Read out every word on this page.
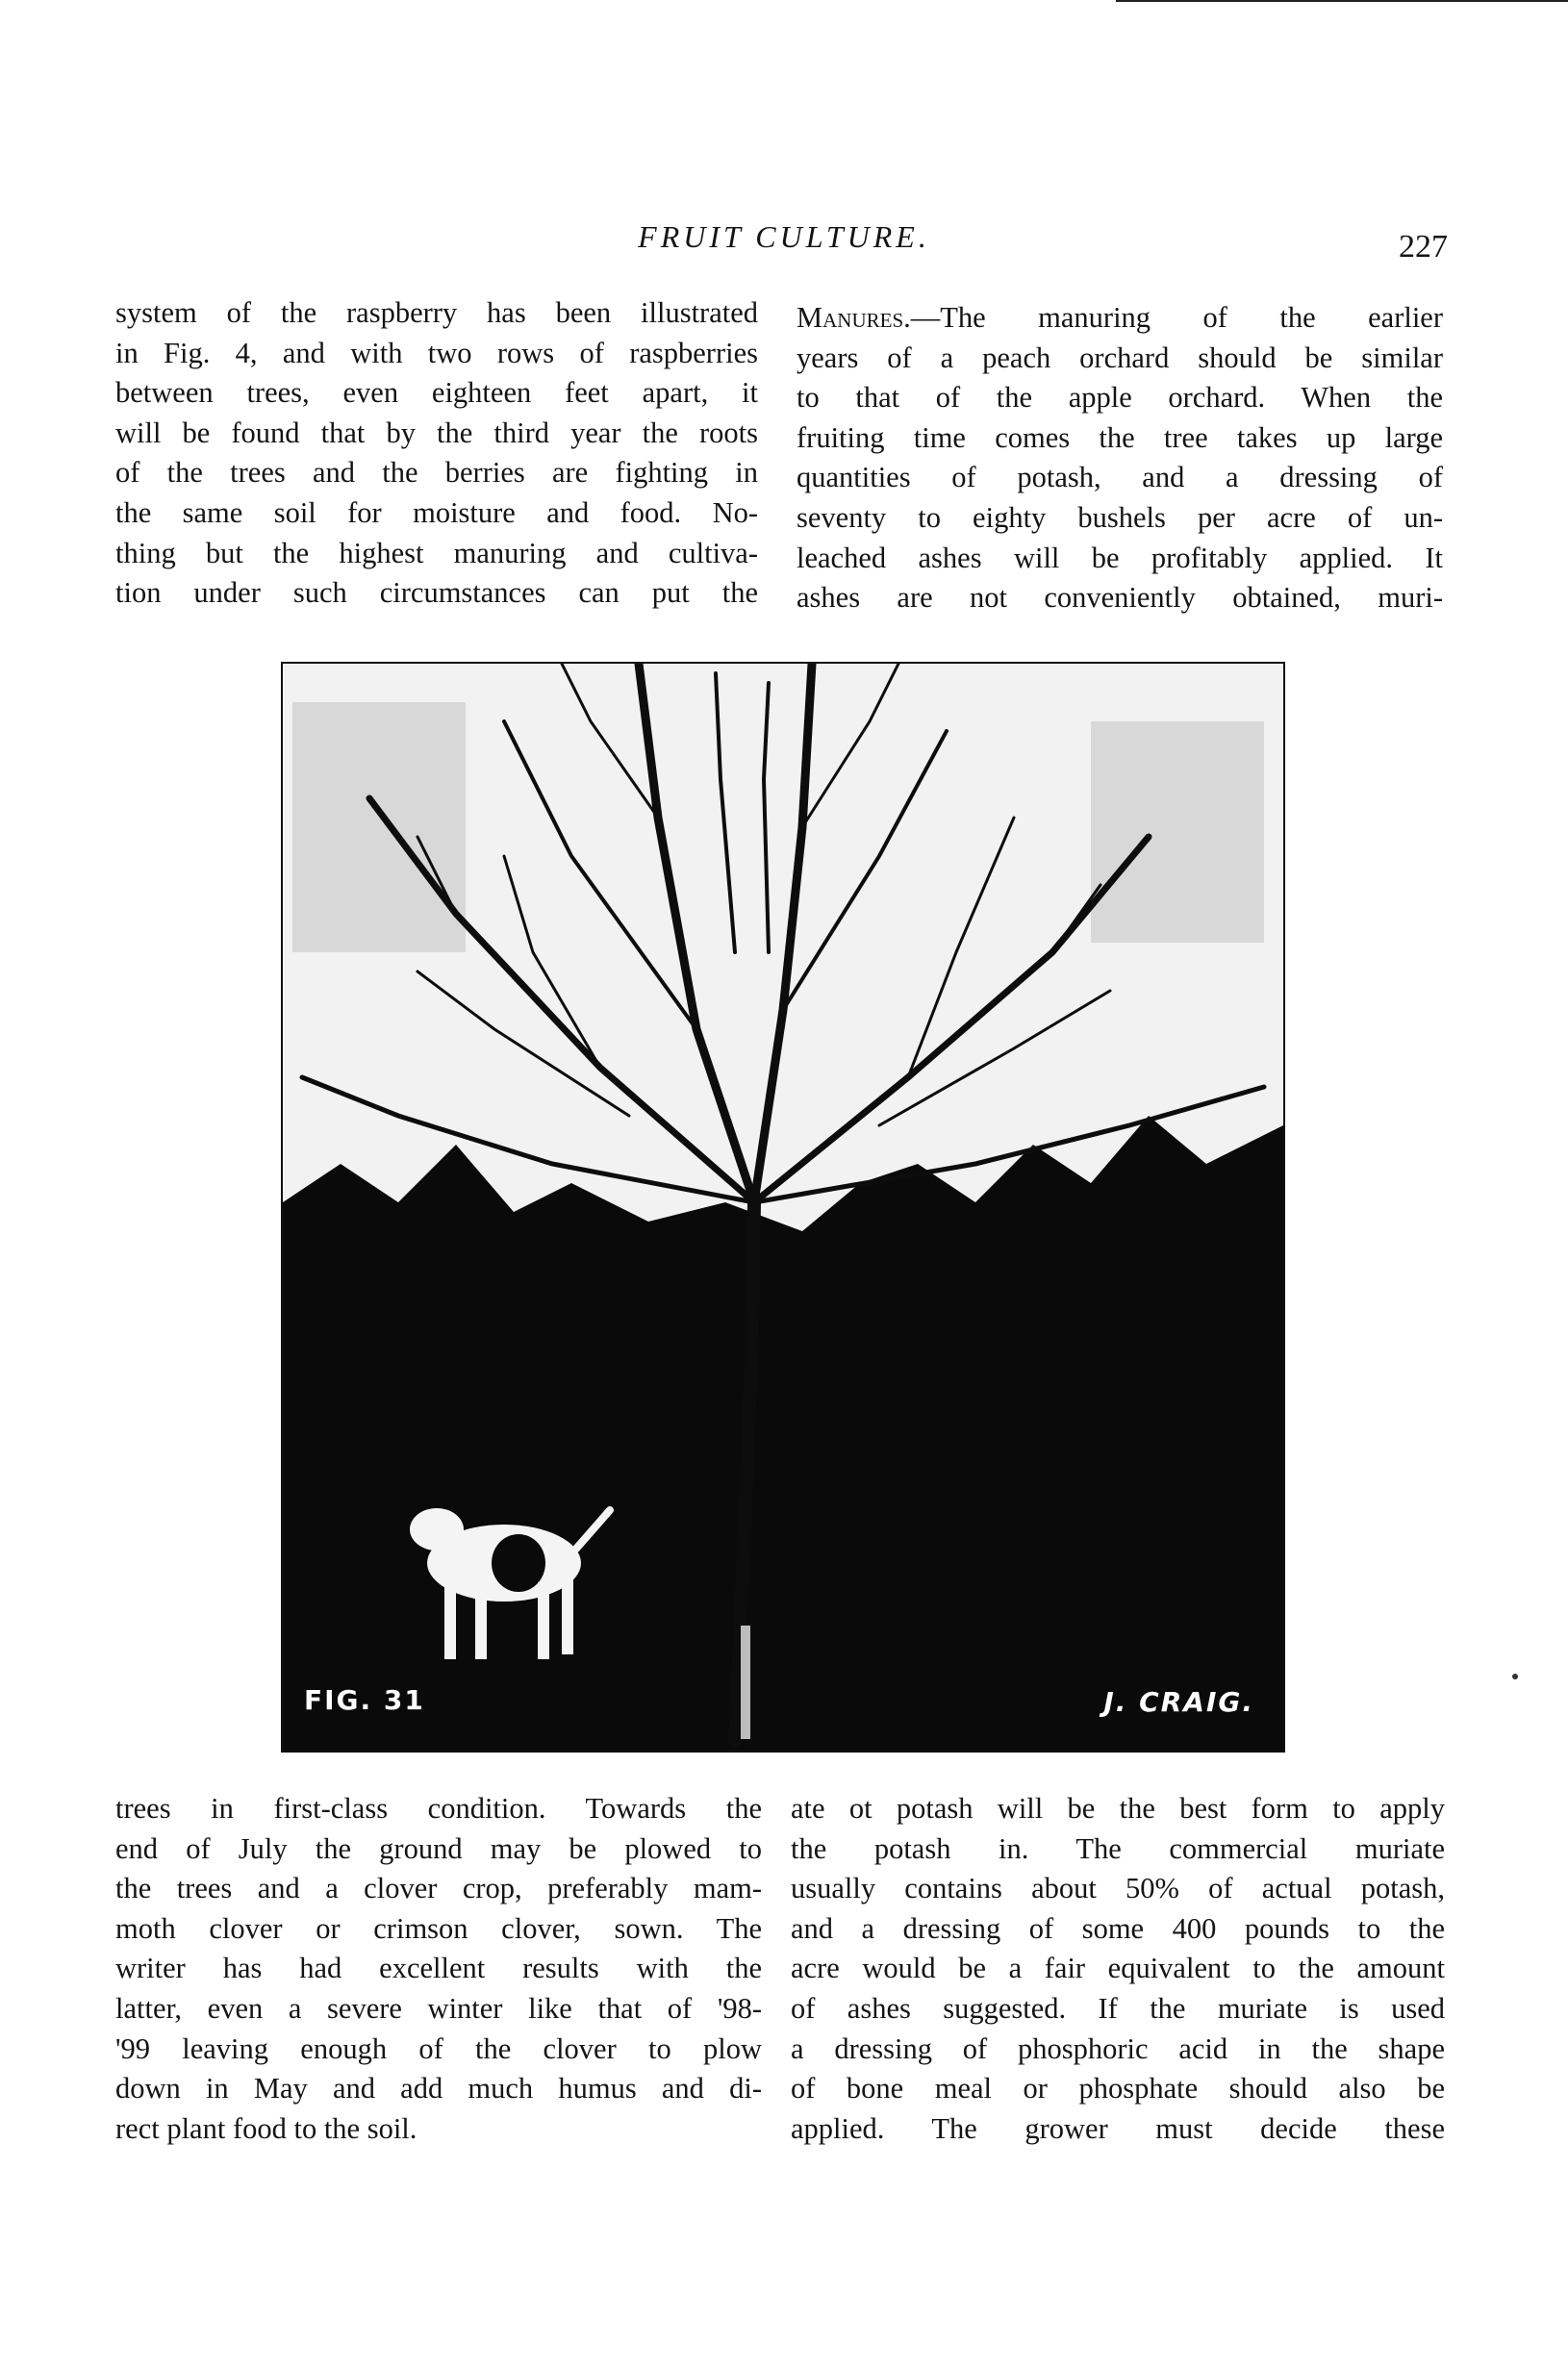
FRUIT CULTURE.	227
system of the raspberry has been illustrated
in Fig. 4, and with two rows of raspberries
between trees, even eighteen feet apart, it
will be found that by the third year the roots
of the trees and the berries are fighting in
the same soil for moisture and food. No-
thing but the highest manuring and cultiva-
tion under such circumstances can put the
Manures.—The manuring of the earlier
years of a peach orchard should be similar
to that of the apple orchard. When the
fruiting time comes the tree takes up large
quantities of potash, and a dressing of
seventy to eighty bushels per acre of un-
leached ashes will be profitably applied. It
ashes are not conveniently obtained, muri-
FIG. 31	J. CRAIG.
trees in first-class condition. Towards the
end of July the ground may be plowed to
the trees and a clover crop, preferably mam-
moth clover or crimson clover, sown. The
writer has had excellent results with the
latter, even a severe winter like that of '98-
'99 leaving enough of the clover to plow
down in May and add much humus and di-
rect plant food to the soil.
ate ot potash will be the best form to apply
the potash in. The commercial muriate
usually contains about 50% of actual potash,
and a dressing of some 400 pounds to the
acre would be a fair equivalent to the amount
of ashes suggested. If the muriate is used
a dressing of phosphoric acid in the shape
of bone meal or phosphate should also be
applied. The grower must decide these
